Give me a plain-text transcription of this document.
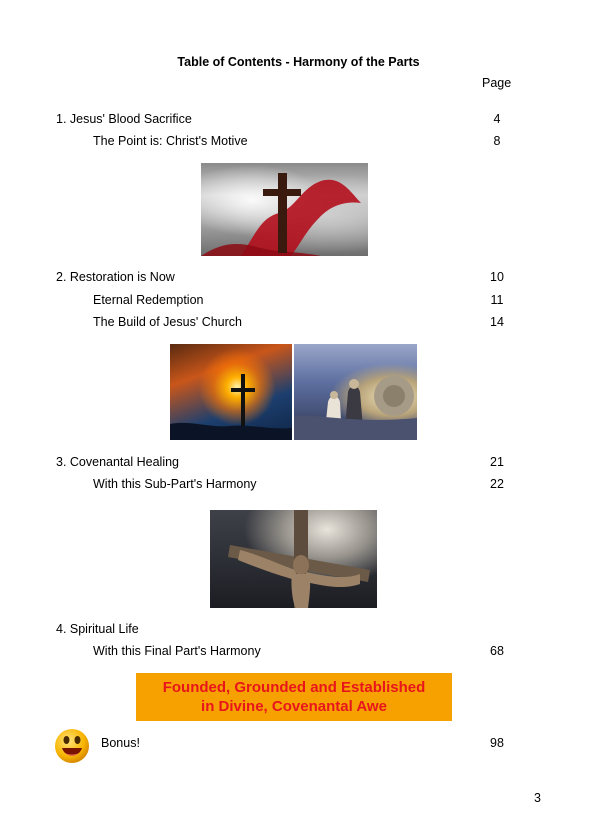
Table of Contents - Harmony of the Parts
Page
1. Jesus' Blood Sacrifice	4
The Point is: Christ's Motive	8
2. Restoration is Now	10
Eternal Redemption	11
The Build of Jesus' Church	14
3. Covenantal Healing	21
With this Sub-Part's Harmony	22
4. Spiritual Life
With this Final Part's Harmony	68
Founded, Grounded and Established
in Divine, Covenantal Awe
Bonus!	98
3
